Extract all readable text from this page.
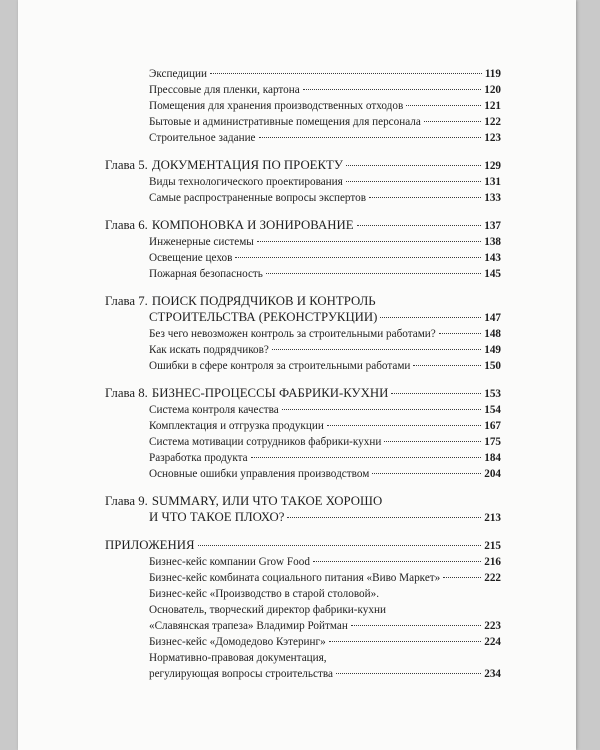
Экспедиции	119
Прессовые для пленки, картона	120
Помещения для хранения производственных отходов	121
Бытовые и административные помещения для персонала	122
Строительное задание	123
Глава 5. ДОКУМЕНТАЦИЯ ПО ПРОЕКТУ	129
Виды технологического проектирования	131
Самые распространенные вопросы экспертов	133
Глава 6. КОМПОНОВКА И ЗОНИРОВАНИЕ	137
Инженерные системы	138
Освещение цехов	143
Пожарная безопасность	145
Глава 7. ПОИСК ПОДРЯДЧИКОВ И КОНТРОЛЬ
СТРОИТЕЛЬСТВА (РЕКОНСТРУКЦИИ)	147
Без чего невозможен контроль за строительными работами?	148
Как искать подрядчиков?	149
Ошибки в сфере контроля за строительными работами	150
Глава 8. БИЗНЕС-ПРОЦЕССЫ ФАБРИКИ-КУХНИ	153
Система контроля качества	154
Комплектация и отгрузка продукции	167
Система мотивации сотрудников фабрики-кухни	175
Разработка продукта	184
Основные ошибки управления производством	204
Глава 9. SUMMARY, ИЛИ ЧТО ТАКОЕ ХОРОШО
И ЧТО ТАКОЕ ПЛОХО?	213
ПРИЛОЖЕНИЯ	215
Бизнес-кейс компании Grow Food	216
Бизнес-кейс комбината социального питания «Виво Маркет»	222
Бизнес-кейс «Производство в старой столовой».
Основатель, творческий директор фабрики-кухни
«Славянская трапеза» Владимир Ройтман	223
Бизнес-кейс «Домодедово Кэтеринг»	224
Нормативно-правовая документация,
регулирующая вопросы строительства	234
